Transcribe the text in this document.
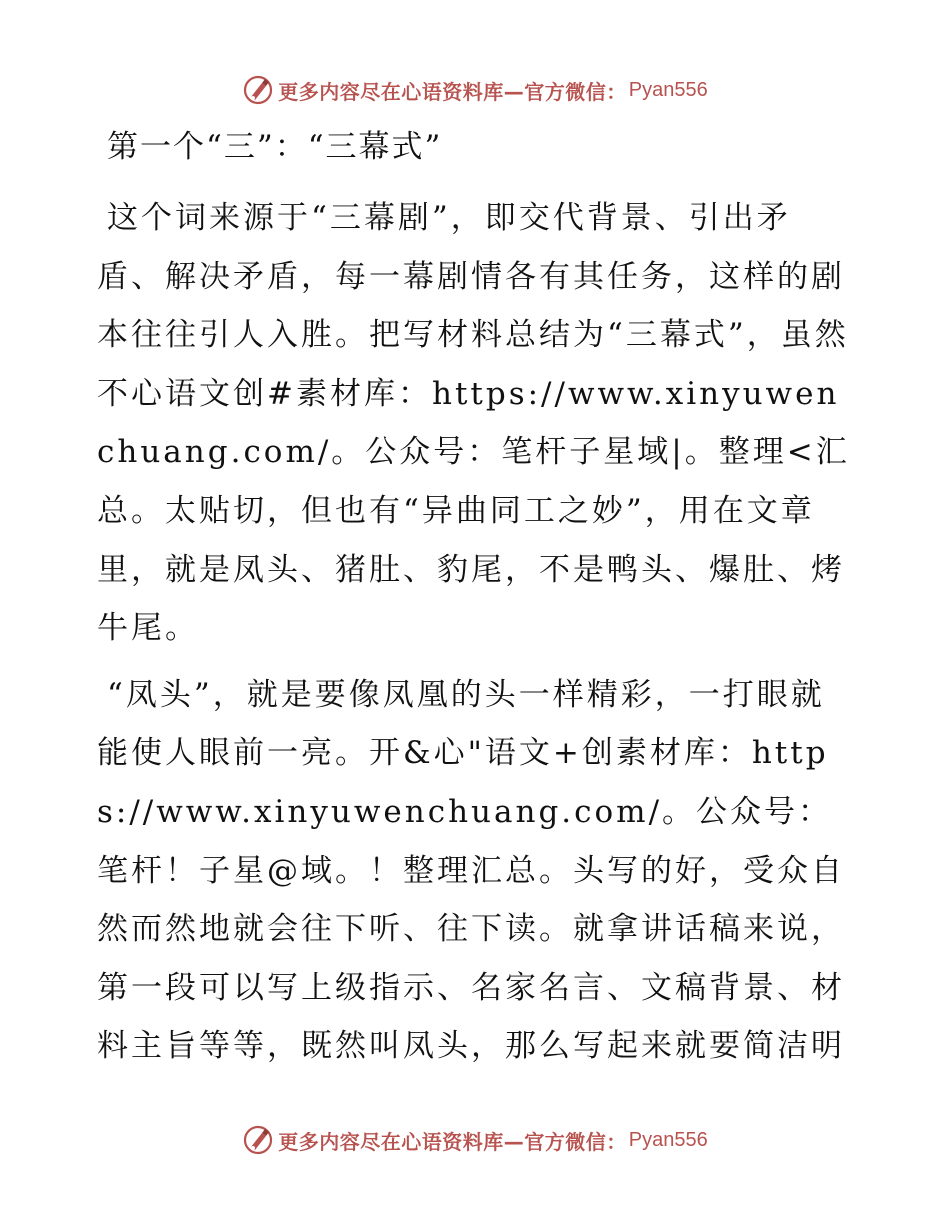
更多内容尽在心语资料库—官方微信： Pyan556
第一个“三”：“三幕式”

这个词来源于“三幕剧”，即交代背景、引出矛盾、解决矛盾，每一幕剧情各有其任务，这样的剧本往往引人入胜。把写材料总结为“三幕式”，虽然不心语文创#素材库：https://www.xinyuwenchuang.com/。公众号：笔杆子星域|。整理<汇总。太贴切，但也有“异曲同工之妙”，用在文章里，就是凤头、猪肚、豹尾，不是鸭头、爆肚、烤牛尾。

“凤头”，就是要像凤凰的头一样精彩，一打眼就能使人眼前一亮。开&心"语文+创素材库：https://www.xinyuwenchuang.com/。公众号：笔杆！子星@域。！整理汇总。头写的好，受众自然而然地就会往下听、往下读。就拿讲话稿来说，第一段可以写上级指示、名家名言、文稿背景、材料主旨等等，既然叫凤头，那么写起来就要简洁明

更多内容尽在心语资料库—官方微信： Pyan556
